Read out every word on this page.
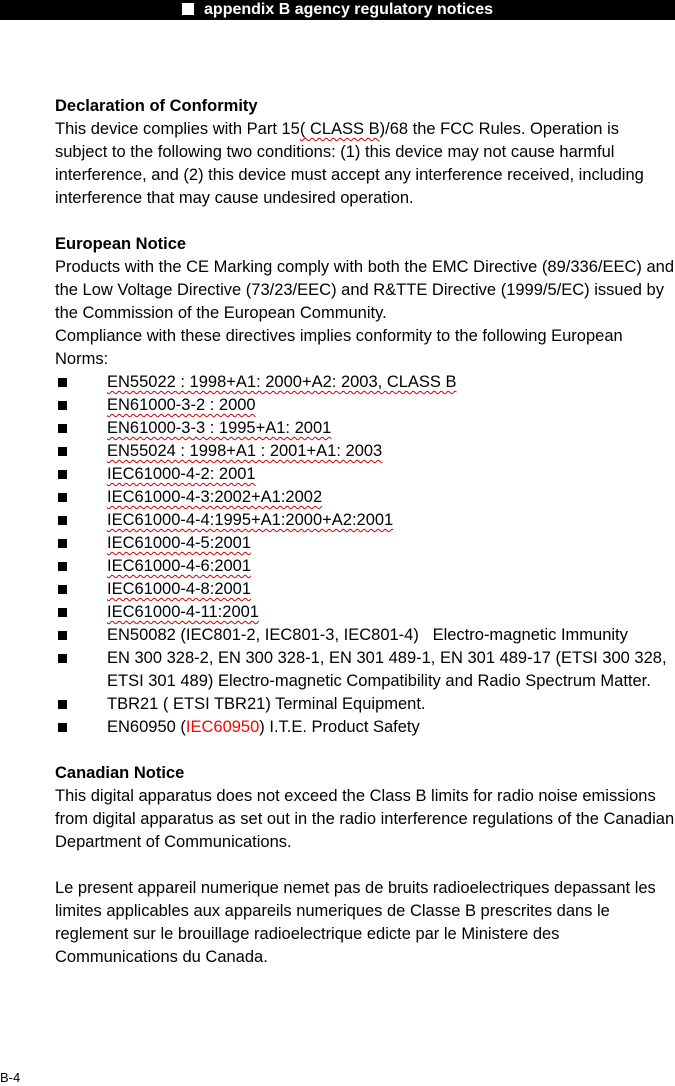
appendix B agency regulatory notices
Declaration of Conformity

This device complies with Part 15( CLASS B)/68 the FCC Rules. Operation is subject to the following two conditions: (1) this device may not cause harmful interference, and (2) this device must accept any interference received, including interference that may cause undesired operation.

European Notice

Products with the CE Marking comply with both the EMC Directive (89/336/EEC) and the Low Voltage Directive (73/23/EEC) and R&TTE Directive (1999/5/EC) issued by the Commission of the European Community.

Compliance with these directives implies conformity to the following European Norms:

EN55022 : 1998+A1: 2000+A2: 2003, CLASS B
EN61000-3-2 : 2000
EN61000-3-3 : 1995+A1: 2001
EN55024 : 1998+A1 : 2001+A1: 2003
IEC61000-4-2: 2001
IEC61000-4-3:2002+A1:2002
IEC61000-4-4:1995+A1:2000+A2:2001
IEC61000-4-5:2001
IEC61000-4-6:2001
IEC61000-4-8:2001
IEC61000-4-11:2001
EN50082 (IEC801-2, IEC801-3, IEC801-4)   Electro-magnetic Immunity
EN 300 328-2, EN 300 328-1, EN 301 489-1, EN 301 489-17 (ETSI 300 328, ETSI 301 489) Electro-magnetic Compatibility and Radio Spectrum Matter.
TBR21 ( ETSI TBR21) Terminal Equipment.
EN60950 (IEC60950) I.T.E. Product Safety
Canadian Notice

This digital apparatus does not exceed the Class B limits for radio noise emissions from digital apparatus as set out in the radio interference regulations of the Canadian Department of Communications.

Le present appareil numerique nemet pas de bruits radioelectriques depassant les limites applicables aux appareils numeriques de Classe B prescrites dans le reglement sur le brouillage radioelectrique edicte par le Ministere des Communications du Canada.

B-4
